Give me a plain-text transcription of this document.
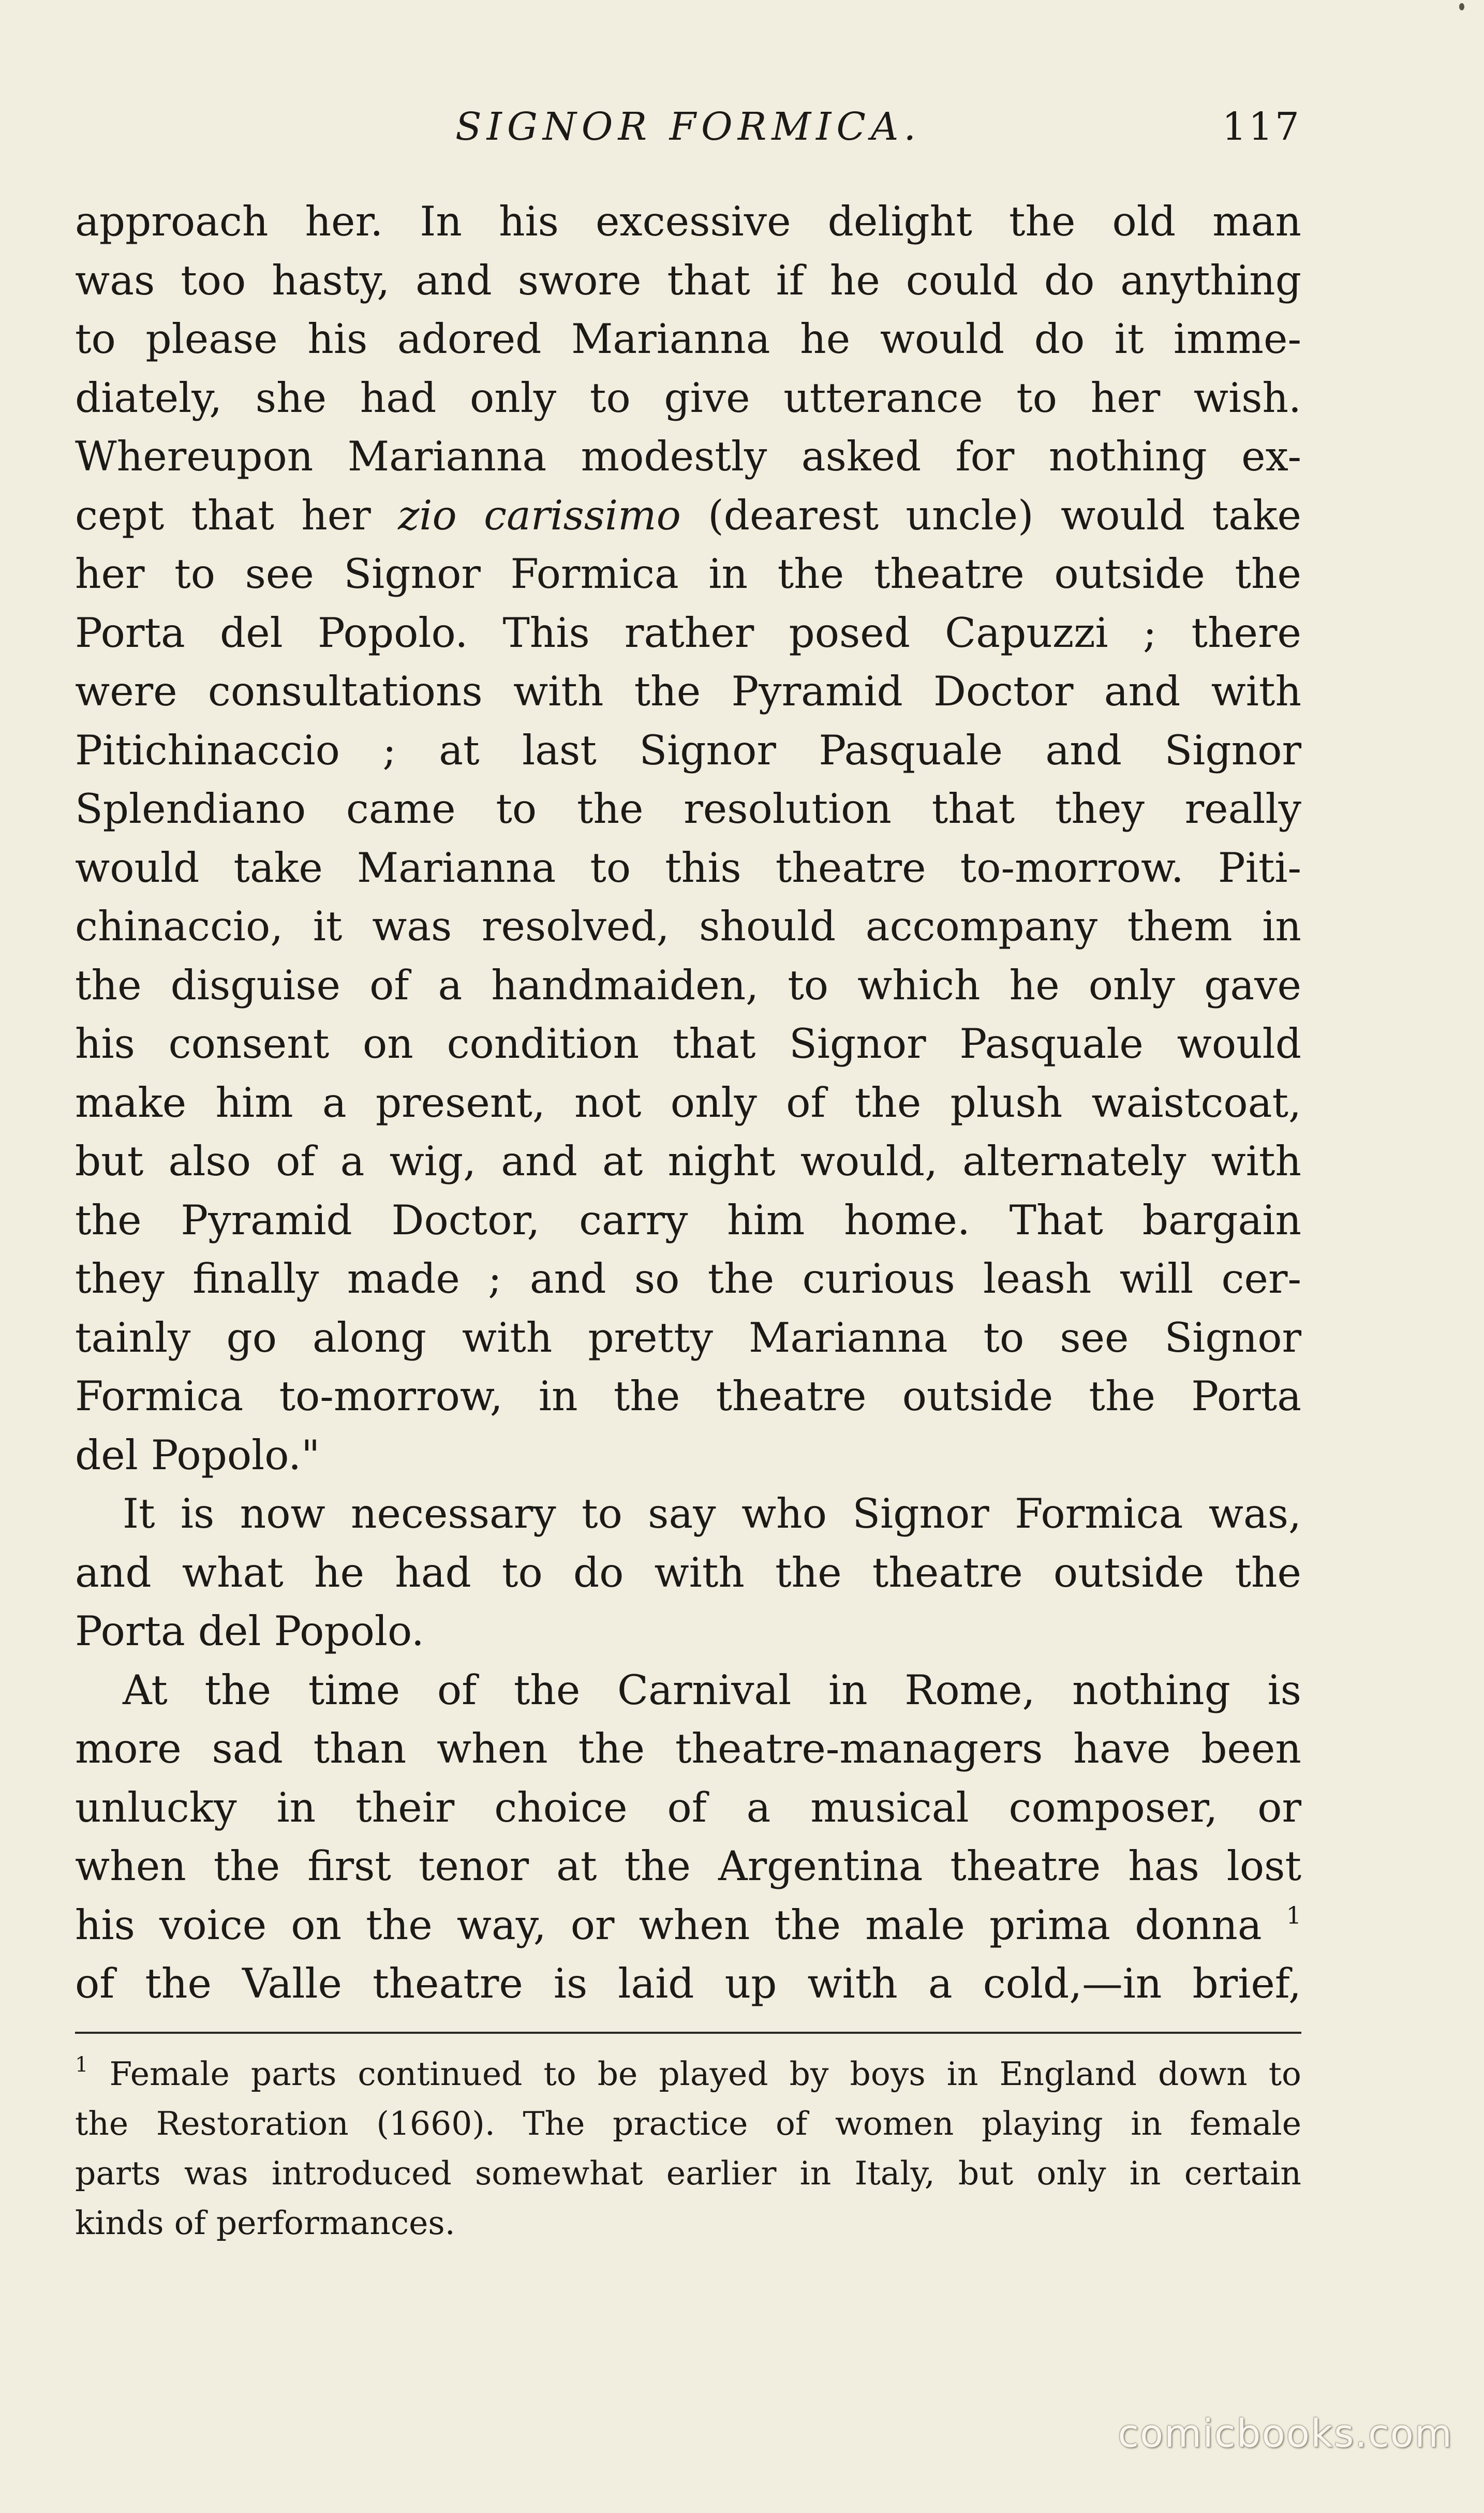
SIGNOR FORMICA.	117
approach her. In his excessive delight the old man
was too hasty, and swore that if he could do anything
to please his adored Marianna he would do it imme-
diately, she had only to give utterance to her wish.
Whereupon Marianna modestly asked for nothing ex-
cept that her zio carissimo (dearest uncle) would take
her to see Signor Formica in the theatre outside the
Porta del Popolo. This rather posed Capuzzi ; there
were consultations with the Pyramid Doctor and with
Pitichinaccio ; at last Signor Pasquale and Signor
Splendiano came to the resolution that they really
would take Marianna to this theatre to-morrow. Piti-
chinaccio, it was resolved, should accompany them in
the disguise of a handmaiden, to which he only gave
his consent on condition that Signor Pasquale would
make him a present, not only of the plush waistcoat,
but also of a wig, and at night would, alternately with
the Pyramid Doctor, carry him home. That bargain
they finally made ; and so the curious leash will cer-
tainly go along with pretty Marianna to see Signor
Formica to-morrow, in the theatre outside the Porta
del Popolo."
It is now necessary to say who Signor Formica was,
and what he had to do with the theatre outside the
Porta del Popolo.
At the time of the Carnival in Rome, nothing is
more sad than when the theatre-managers have been
unlucky in their choice of a musical composer, or
when the first tenor at the Argentina theatre has lost
his voice on the way, or when the male prima donna $^1$
of the Valle theatre is laid up with a cold,—in brief,
$^1$ Female parts continued to be played by boys in England down to
the Restoration (1660). The practice of women playing in female
parts was introduced somewhat earlier in Italy, but only in certain
kinds of performances.
comicbooks.com
